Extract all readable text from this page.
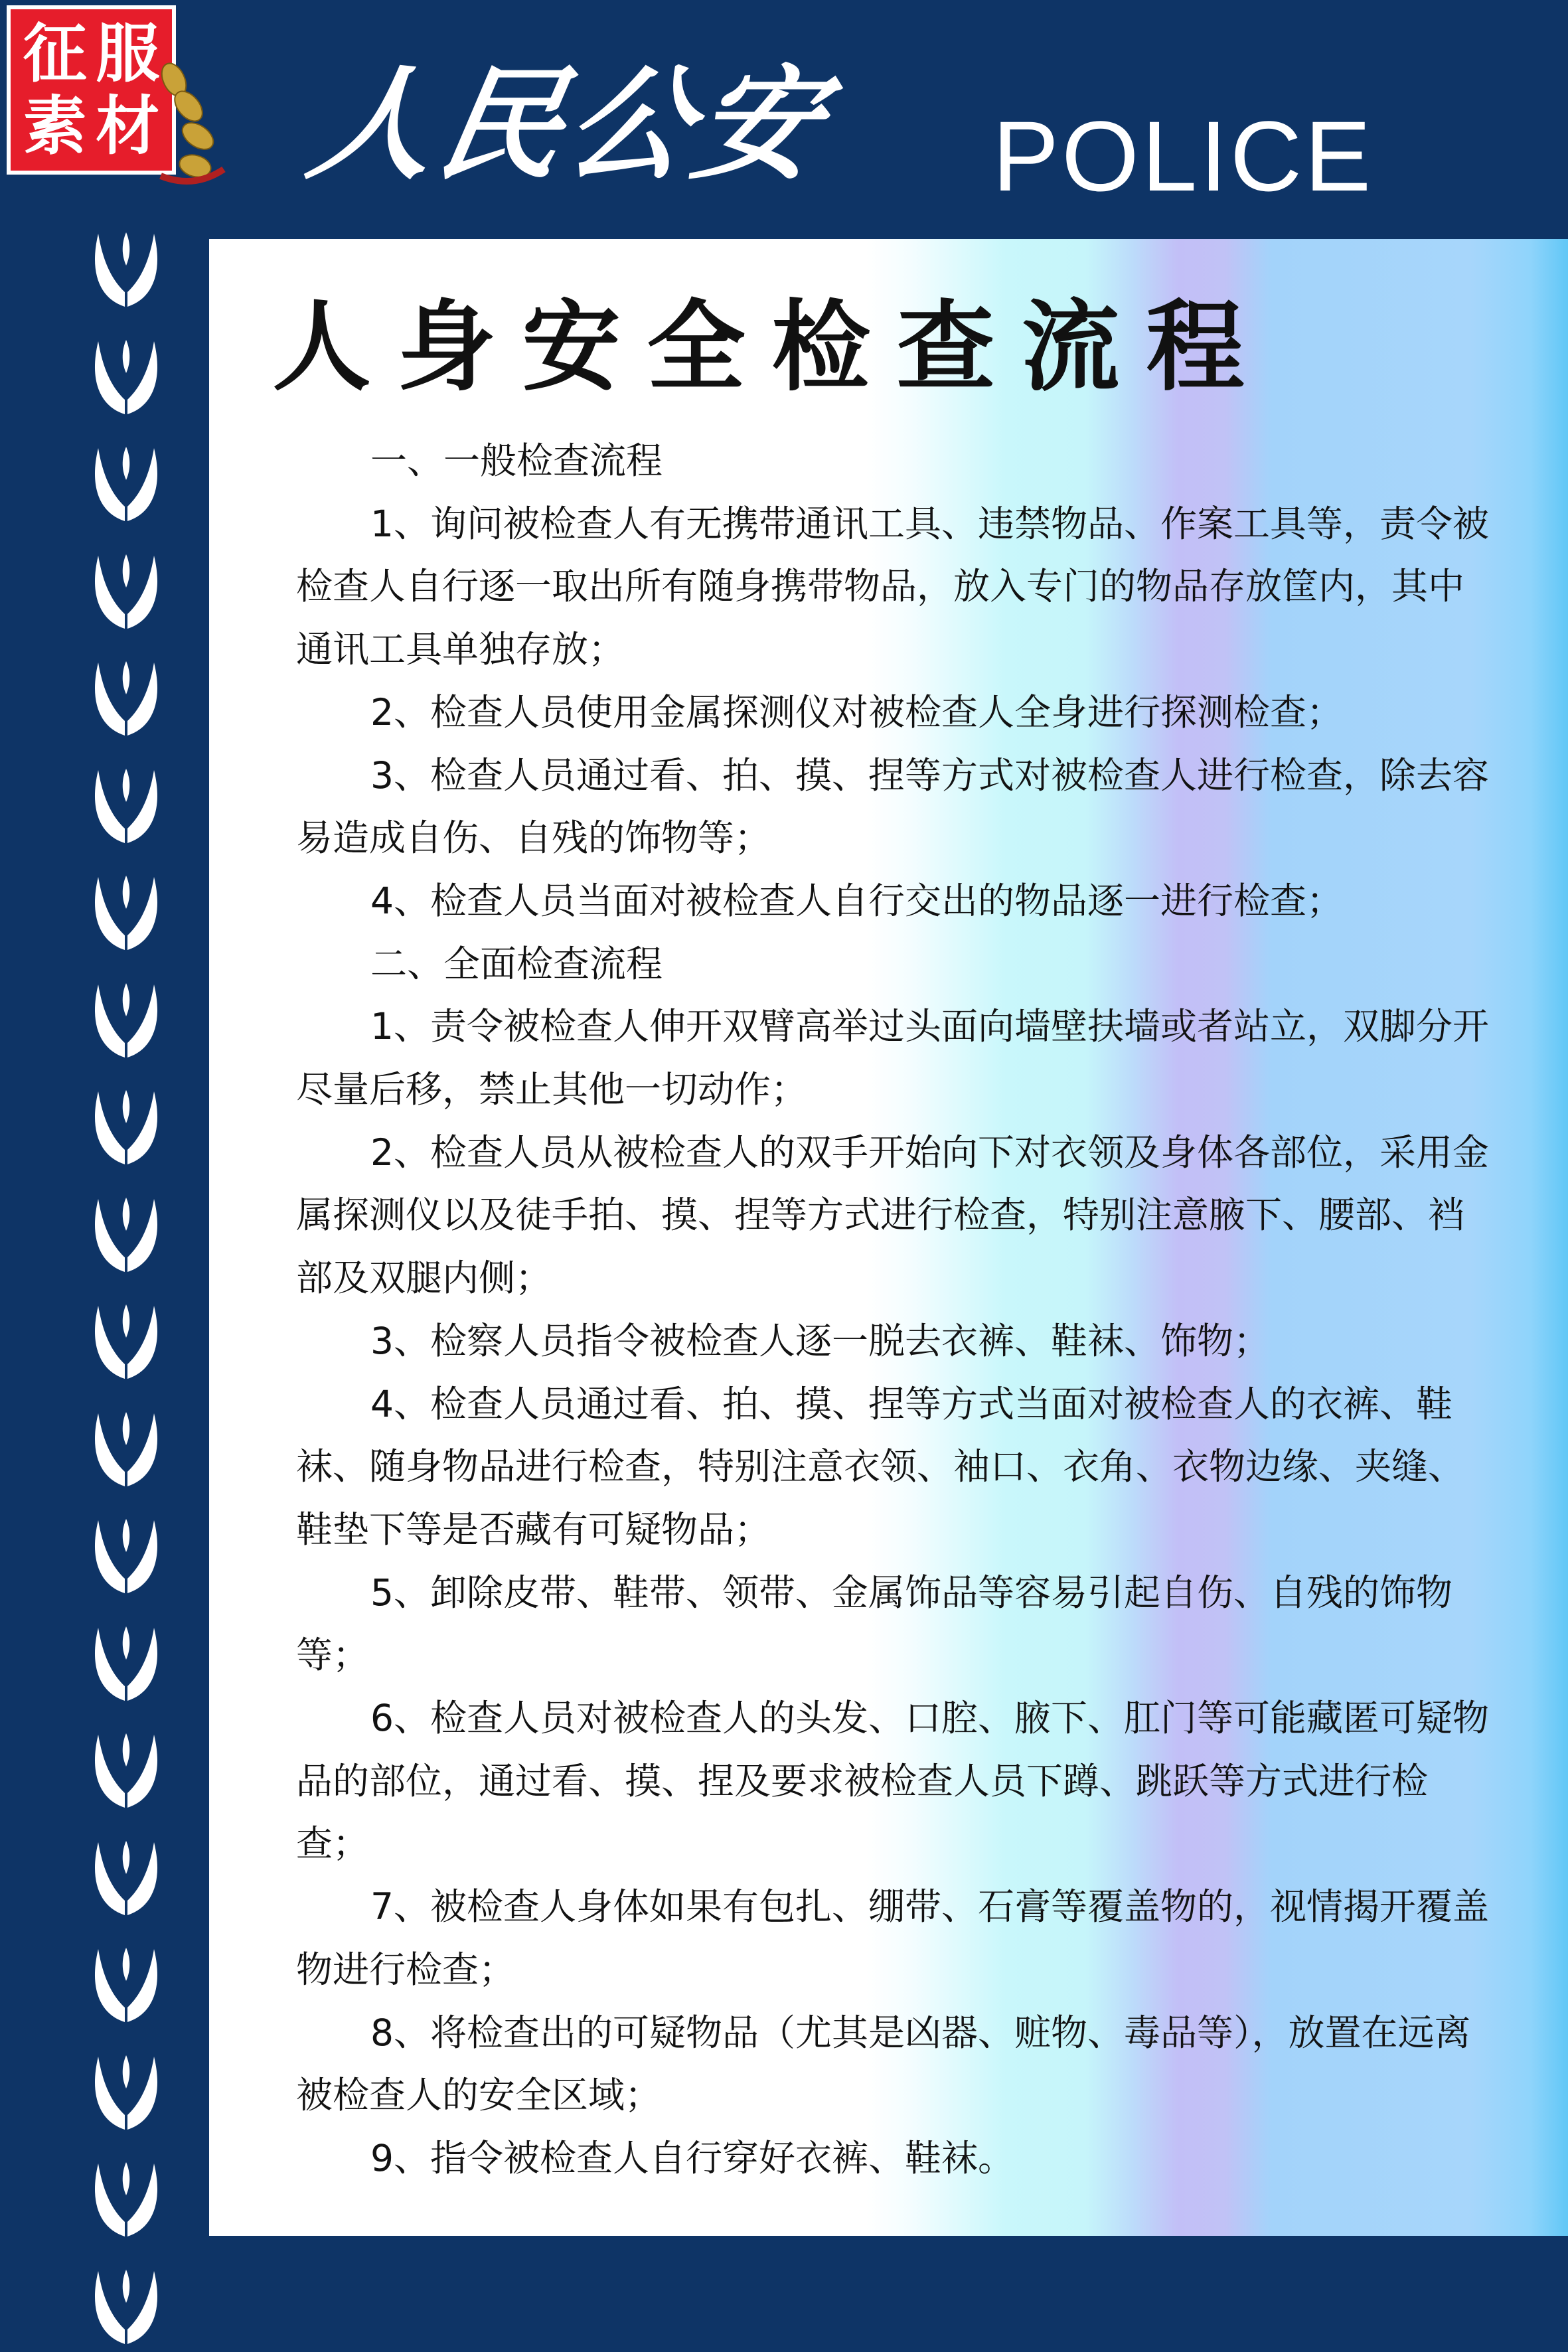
征 服
素 材 人民公安 POLICE
人身安全检查流程

一、一般检查流程

1、询问被检查人有无携带通讯工具、违禁物品、作案工具等，责令被检查人自行逐一取出所有随身携带物品，放入专门的物品存放筐内，其中通讯工具单独存放；

2、检查人员使用金属探测仪对被检查人全身进行探测检查；

3、检查人员通过看、拍、摸、捏等方式对被检查人进行检查，除去容易造成自伤、自残的饰物等；

4、检查人员当面对被检查人自行交出的物品逐一进行检查；

二、全面检查流程

1、责令被检查人伸开双臂高举过头面向墙壁扶墙或者站立，双脚分开尽量后移，禁止其他一切动作；

2、检查人员从被检查人的双手开始向下对衣领及身体各部位，采用金属探测仪以及徒手拍、摸、捏等方式进行检查，特别注意腋下、腰部、裆部及双腿内侧；

3、检察人员指令被检查人逐一脱去衣裤、鞋袜、饰物；

4、检查人员通过看、拍、摸、捏等方式当面对被检查人的衣裤、鞋袜、随身物品进行检查，特别注意衣领、袖口、衣角、衣物边缘、夹缝、鞋垫下等是否藏有可疑物品；

5、卸除皮带、鞋带、领带、金属饰品等容易引起自伤、自残的饰物等；

6、检查人员对被检查人的头发、口腔、腋下、肛门等可能藏匿可疑物品的部位，通过看、摸、捏及要求被检查人员下蹲、跳跃等方式进行检查；

7、被检查人身体如果有包扎、绷带、石膏等覆盖物的，视情揭开覆盖物进行检查；

8、将检查出的可疑物品（尤其是凶器、赃物、毒品等），放置在远离被检查人的安全区域；

9、指令被检查人自行穿好衣裤、鞋袜。
